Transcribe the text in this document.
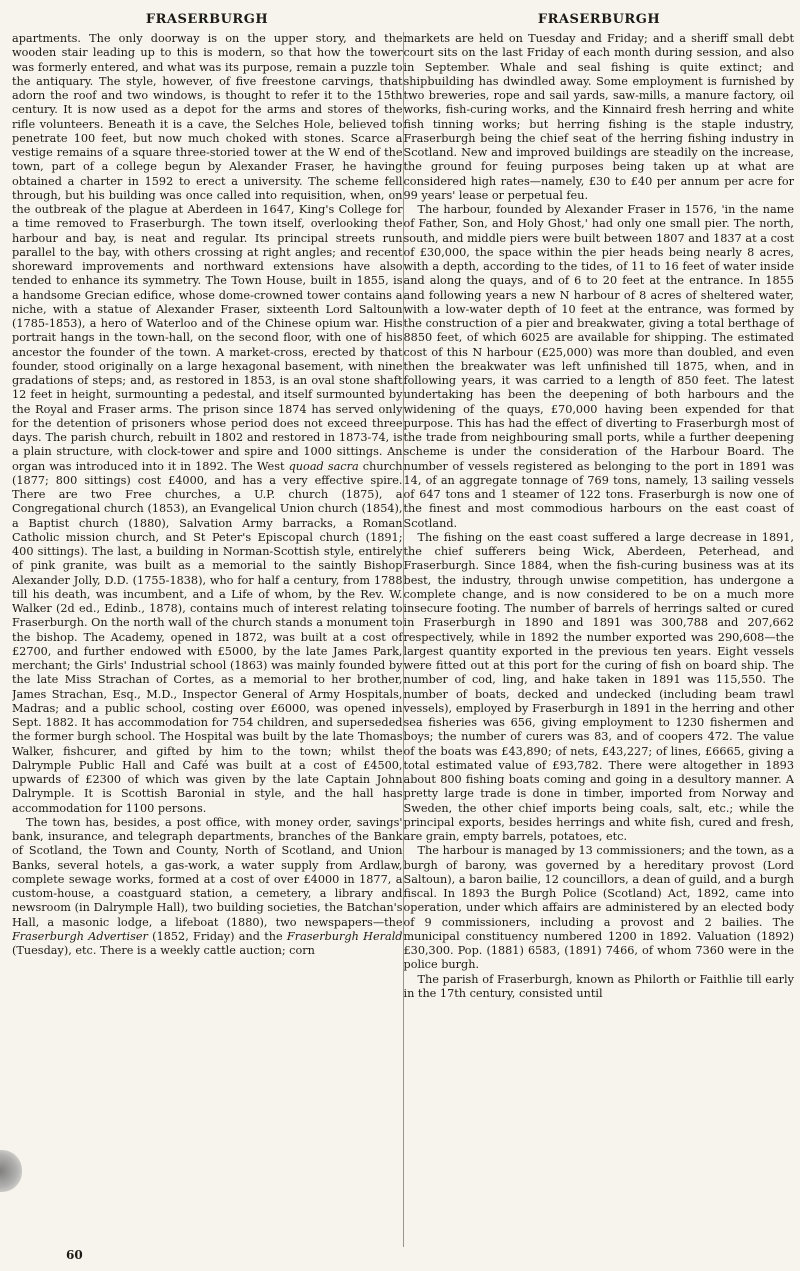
FRASERBURGH	FRASERBURGH

apartments. The only doorway is on the upper story, and the wooden stair leading up to this is modern, so that how the tower was formerly entered, and what was its purpose, remain a puzzle to the antiquary. The style, however, of five freestone carvings, that adorn the roof and two windows, is thought to refer it to the 15th century. It is now used as a depot for the arms and stores of the rifle volunteers. Beneath it is a cave, the Selches Hole, believed to penetrate 100 feet, but now much choked with stones. Scarce a vestige remains of a square three-storied tower at the W end of the town, part of a college begun by Alexander Fraser, he having obtained a charter in 1592 to erect a university. The scheme fell through, but his building was once called into requisition, when, on the outbreak of the plague at Aberdeen in 1647, King's College for a time removed to Fraserburgh. The town itself, overlooking the harbour and bay, is neat and regular. Its principal streets run parallel to the bay, with others crossing at right angles; and recent shoreward improvements and northward extensions have also tended to enhance its symmetry. The Town House, built in 1855, is a handsome Grecian edifice, whose dome-crowned tower contains a niche, with a statue of Alexander Fraser, sixteenth Lord Saltoun (1785-1853), a hero of Waterloo and of the Chinese opium war. His portrait hangs in the town-hall, on the second floor, with one of his ancestor the founder of the town. A market-cross, erected by that founder, stood originally on a large hexagonal basement, with nine gradations of steps; and, as restored in 1853, is an oval stone shaft 12 feet in height, surmounting a pedestal, and itself surmounted by the Royal and Fraser arms. The prison since 1874 has served only for the detention of prisoners whose period does not exceed three days. The parish church, rebuilt in 1802 and restored in 1873-74, is a plain structure, with clock-tower and spire and 1000 sittings. An organ was introduced into it in 1892. The West quoad sacra church (1877; 800 sittings) cost £4000, and has a very effective spire. There are two Free churches, a U.P. church (1875), a Congregational church (1853), an Evangelical Union church (1854), a Baptist church (1880), Salvation Army barracks, a Roman Catholic mission church, and St Peter's Episcopal church (1891; 400 sittings). The last, a building in Norman-Scottish style, entirely of pink granite, was built as a memorial to the saintly Bishop Alexander Jolly, D.D. (1755-1838), who for half a century, from 1788 till his death, was incumbent, and a Life of whom, by the Rev. W. Walker (2d ed., Edinb., 1878), contains much of interest relating to Fraserburgh. On the north wall of the church stands a monument to the bishop. The Academy, opened in 1872, was built at a cost of £2700, and further endowed with £5000, by the late James Park, merchant; the Girls' Industrial school (1863) was mainly founded by the late Miss Strachan of Cortes, as a memorial to her brother, James Strachan, Esq., M.D., Inspector General of Army Hospitals, Madras; and a public school, costing over £6000, was opened in Sept. 1882. It has accommodation for 754 children, and superseded the former burgh school. The Hospital was built by the late Thomas Walker, fishcurer, and gifted by him to the town; whilst the Dalrymple Public Hall and Café was built at a cost of £4500, upwards of £2300 of which was given by the late Captain John Dalrymple. It is Scottish Baronial in style, and the hall has accommodation for 1100 persons.

The town has, besides, a post office, with money order, savings' bank, insurance, and telegraph departments, branches of the Bank of Scotland, the Town and County, North of Scotland, and Union Banks, several hotels, a gas-work, a water supply from Ardlaw, complete sewage works, formed at a cost of over £4000 in 1877, a custom-house, a coastguard station, a cemetery, a library and newsroom (in Dalrymple Hall), two building societies, the Batchan's Hall, a masonic lodge, a lifeboat (1880), two newspapers—the Fraserburgh Advertiser (1852, Friday) and the Fraserburgh Herald (Tuesday), etc. There is a weekly cattle auction; corn

markets are held on Tuesday and Friday; and a sheriff small debt court sits on the last Friday of each month during session, and also in September. Whale and seal fishing is quite extinct; and shipbuilding has dwindled away. Some employment is furnished by two breweries, rope and sail yards, saw-mills, a manure factory, oil works, fish-curing works, and the Kinnaird fresh herring and white fish tinning works; but herring fishing is the staple industry, Fraserburgh being the chief seat of the herring fishing industry in Scotland. New and improved buildings are steadily on the increase, the ground for feuing purposes being taken up at what are considered high rates—namely, £30 to £40 per annum per acre for 99 years' lease or perpetual feu.

The harbour, founded by Alexander Fraser in 1576, 'in the name of Father, Son, and Holy Ghost,' had only one small pier. The north, south, and middle piers were built between 1807 and 1837 at a cost of £30,000, the space within the pier heads being nearly 8 acres, with a depth, according to the tides, of 11 to 16 feet of water inside and along the quays, and of 6 to 20 feet at the entrance. In 1855 and following years a new N harbour of 8 acres of sheltered water, with a low-water depth of 10 feet at the entrance, was formed by the construction of a pier and breakwater, giving a total berthage of 8850 feet, of which 6025 are available for shipping. The estimated cost of this N harbour (£25,000) was more than doubled, and even then the breakwater was left unfinished till 1875, when, and in following years, it was carried to a length of 850 feet. The latest undertaking has been the deepening of both harbours and the widening of the quays, £70,000 having been expended for that purpose. This has had the effect of diverting to Fraserburgh most of the trade from neighbouring small ports, while a further deepening scheme is under the consideration of the Harbour Board. The number of vessels registered as belonging to the port in 1891 was 14, of an aggregate tonnage of 769 tons, namely, 13 sailing vessels of 647 tons and 1 steamer of 122 tons. Fraserburgh is now one of the finest and most commodious harbours on the east coast of Scotland.

The fishing on the east coast suffered a large decrease in 1891, the chief sufferers being Wick, Aberdeen, Peterhead, and Fraserburgh. Since 1884, when the fish-curing business was at its best, the industry, through unwise competition, has undergone a complete change, and is now considered to be on a much more insecure footing. The number of barrels of herrings salted or cured in Fraserburgh in 1890 and 1891 was 300,788 and 207,662 respectively, while in 1892 the number exported was 290,608—the largest quantity exported in the previous ten years. Eight vessels were fitted out at this port for the curing of fish on board ship. The number of cod, ling, and hake taken in 1891 was 115,550. The number of boats, decked and undecked (including beam trawl vessels), employed by Fraserburgh in 1891 in the herring and other sea fisheries was 656, giving employment to 1230 fishermen and boys; the number of curers was 83, and of coopers 472. The value of the boats was £43,890; of nets, £43,227; of lines, £6665, giving a total estimated value of £93,782. There were altogether in 1893 about 800 fishing boats coming and going in a desultory manner. A pretty large trade is done in timber, imported from Norway and Sweden, the other chief imports being coals, salt, etc.; while the principal exports, besides herrings and white fish, cured and fresh, are grain, empty barrels, potatoes, etc.

The harbour is managed by 13 commissioners; and the town, as a burgh of barony, was governed by a hereditary provost (Lord Saltoun), a baron bailie, 12 councillors, a dean of guild, and a burgh fiscal. In 1893 the Burgh Police (Scotland) Act, 1892, came into operation, under which affairs are administered by an elected body of 9 commissioners, including a provost and 2 bailies. The municipal constituency numbered 1200 in 1892. Valuation (1892) £30,300. Pop. (1881) 6583, (1891) 7466, of whom 7360 were in the police burgh.

The parish of Fraserburgh, known as Philorth or Faithlie till early in the 17th century, consisted until

60
